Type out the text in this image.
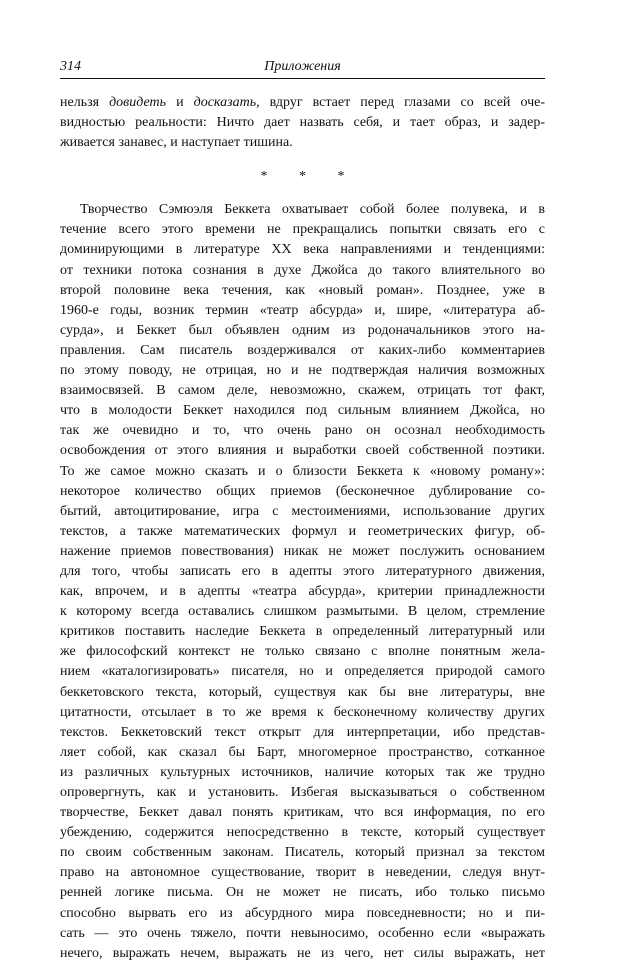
314	Приложения

нельзя довидеть и досказать, вдруг встает перед глазами со всей оче-
видностью реальности: Ничто дает назвать себя, и тает образ, и задер-
живается занавес, и наступает тишина.

* * *

Творчество Сэмюэля Беккета охватывает собой более полувека, и в
течение всего этого времени не прекращались попытки связать его с
доминирующими в литературе XX века направлениями и тенденциями:
от техники потока сознания в духе Джойса до такого влиятельного во
второй половине века течения, как «новый роман». Позднее, уже в
1960-е годы, возник термин «театр абсурда» и, шире, «литература аб-
сурда», и Беккет был объявлен одним из родоначальников этого на-
правления. Сам писатель воздерживался от каких-либо комментариев
по этому поводу, не отрицая, но и не подтверждая наличия возможных
взаимосвязей. В самом деле, невозможно, скажем, отрицать тот факт,
что в молодости Беккет находился под сильным влиянием Джойса, но
так же очевидно и то, что очень рано он осознал необходимость
освобождения от этого влияния и выработки своей собственной поэтики.
То же самое можно сказать и о близости Беккета к «новому роману»:
некоторое количество общих приемов (бесконечное дублирование со-
бытий, автоцитирование, игра с местоимениями, использование других
текстов, а также математических формул и геометрических фигур, об-
нажение приемов повествования) никак не может послужить основанием
для того, чтобы записать его в адепты этого литературного движения,
как, впрочем, и в адепты «театра абсурда», критерии принадлежности
к которому всегда оставались слишком размытыми. В целом, стремление
критиков поставить наследие Беккета в определенный литературный или
же философский контекст не только связано с вполне понятным жела-
нием «каталогизировать» писателя, но и определяется природой самого
беккетовского текста, который, существуя как бы вне литературы, вне
цитатности, отсылает в то же время к бесконечному количеству других
текстов. Беккетовский текст открыт для интерпретации, ибо представ-
ляет собой, как сказал бы Барт, многомерное пространство, сотканное
из различных культурных источников, наличие которых так же трудно
опровергнуть, как и установить. Избегая высказываться о собственном
творчестве, Беккет давал понять критикам, что вся информация, по его
убеждению, содержится непосредственно в тексте, который существует
по своим собственным законам. Писатель, который признал за текстом
право на автономное существование, творит в неведении, следуя внут-
ренней логике письма. Он не может не писать, ибо только письмо
способно вырвать его из абсурдного мира повседневности; но и пи-
сать — это очень тяжело, почти невыносимо, особенно если «выражать
нечего, выражать нечем, выражать не из чего, нет силы выражать, нет
